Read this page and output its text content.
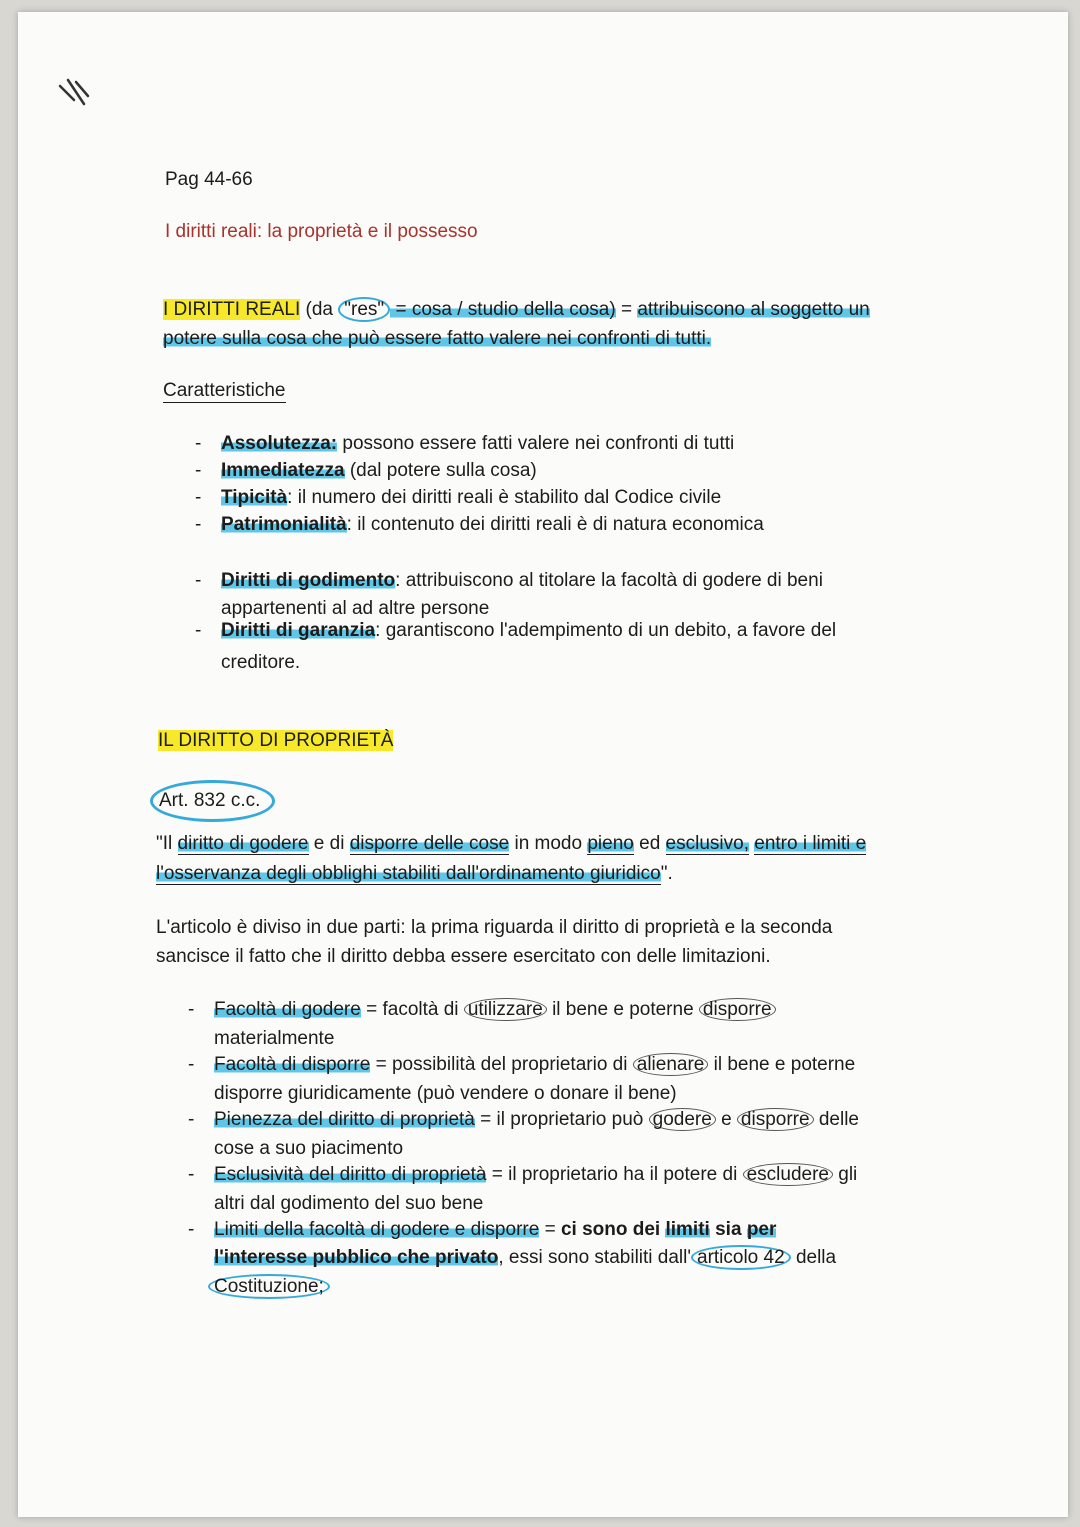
Pag 44-66
I diritti reali: la proprietà e il possesso
I DIRITTI REALI (da "res" = cosa / studio della cosa) = attribuiscono al soggetto un
potere sulla cosa che può essere fatto valere nei confronti di tutti.
Caratteristiche
- Assolutezza: possono essere fatti valere nei confronti di tutti
- Immediatezza (dal potere sulla cosa)
- Tipicità: il numero dei diritti reali è stabilito dal Codice civile
- Patrimonialità: il contenuto dei diritti reali è di natura economica
- Diritti di godimento: attribuiscono al titolare la facoltà di godere di beni
appartenenti al ad altre persone
- Diritti di garanzia: garantiscono l'adempimento di un debito, a favore del
creditore.
IL DIRITTO DI PROPRIETÀ
Art. 832 c.c.
"Il diritto di godere e di disporre delle cose in modo pieno ed esclusivo, entro i limiti e
l'osservanza degli obblighi stabiliti dall'ordinamento giuridico".
L'articolo è diviso in due parti: la prima riguarda il diritto di proprietà e la seconda
sancisce il fatto che il diritto debba essere esercitato con delle limitazioni.
- Facoltà di godere = facoltà di utilizzare il bene e poterne disporre
materialmente
- Facoltà di disporre = possibilità del proprietario di alienare il bene e poterne
disporre giuridicamente (può vendere o donare il bene)
- Pienezza del diritto di proprietà = il proprietario può godere e disporre delle
cose a suo piacimento
- Esclusività del diritto di proprietà = il proprietario ha il potere di escludere gli
altri dal godimento del suo bene
- Limiti della facoltà di godere e disporre = ci sono dei limiti sia per
l'interesse pubblico che privato, essi sono stabiliti dall' articolo 42 della
Costituzione;
